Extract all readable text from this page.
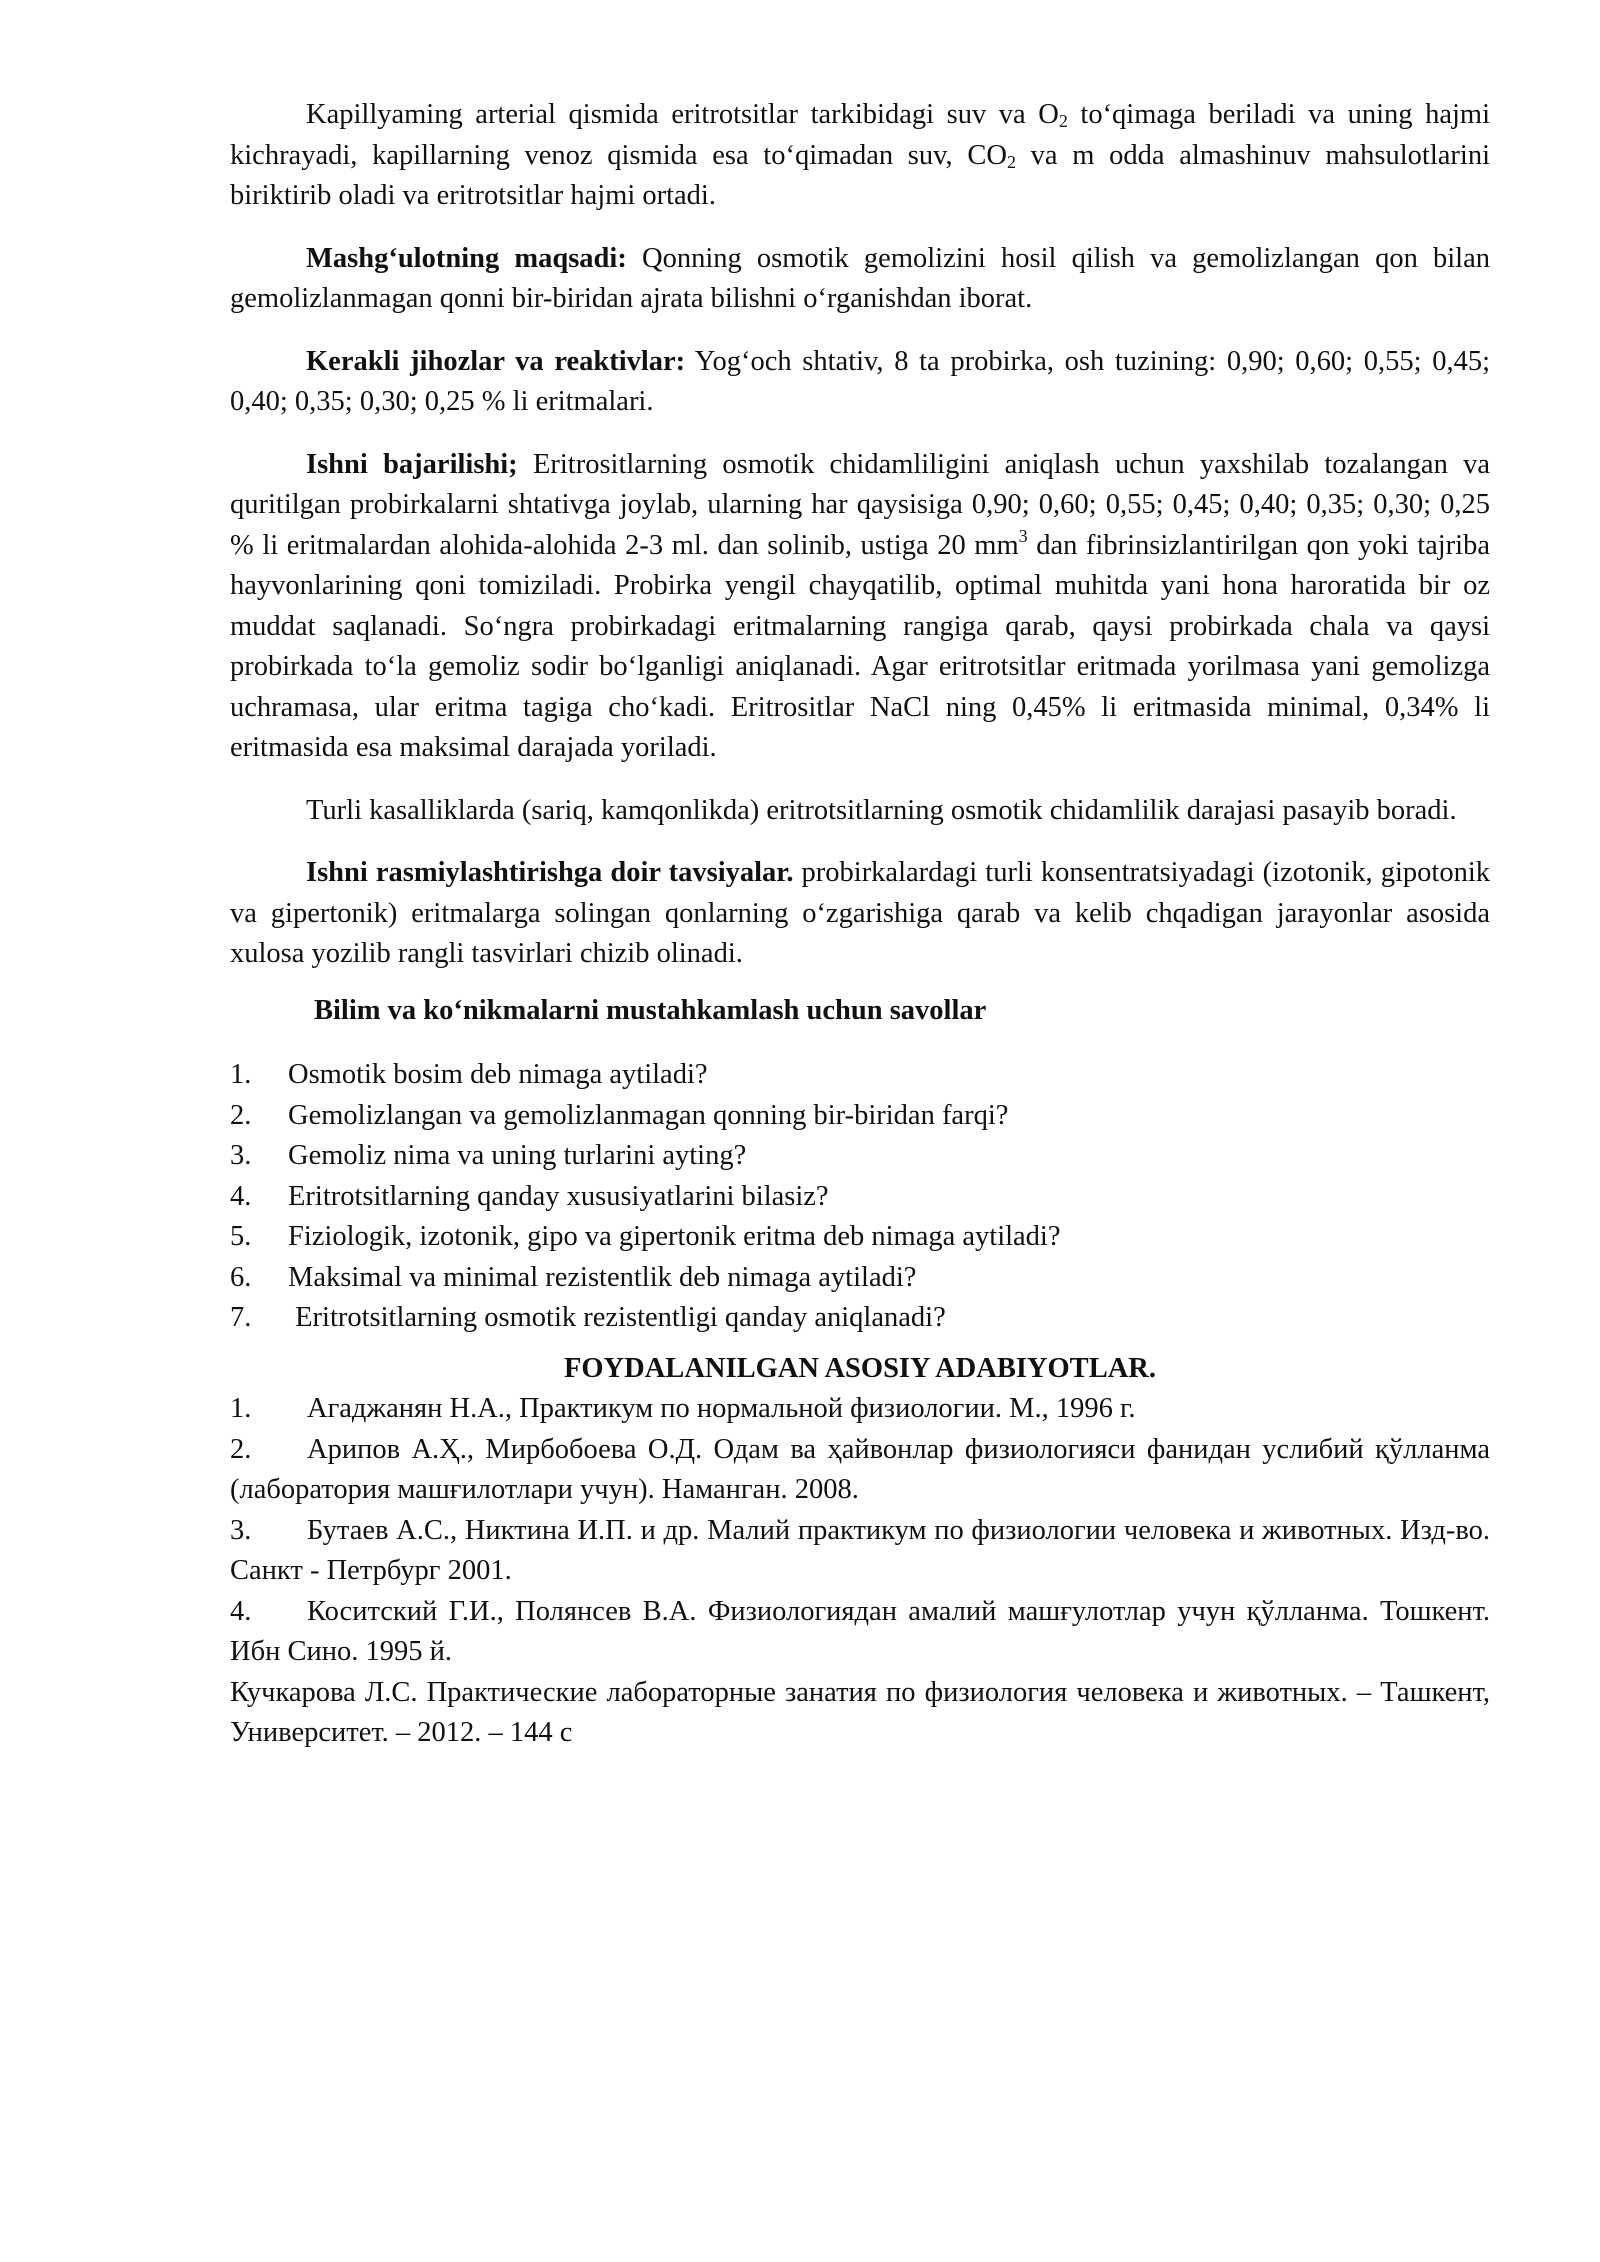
Kapillyaming arterial qismida eritrotsitlar tarkibidagi suv va $O_2$ to‘qimaga beriladi va uning hajmi kichrayadi, kapillarning venoz qismida esa to‘qimadan suv, $CO_2$ va m odda almashinuv mahsulotlarini biriktirib oladi va eritrotsitlar hajmi ortadi.

Mashg‘ulotning maqsadi: Qonning osmotik gemolizini hosil qilish va gemolizlangan qon bilan gemolizlanmagan qonni bir-biridan ajrata bilishni o‘rganishdan iborat.

Kerakli jihozlar va reaktivlar: Yog‘och shtativ, 8 ta probirka, osh tuzining: 0,90; 0,60; 0,55; 0,45; 0,40; 0,35; 0,30; 0,25 % li eritmalari.

Ishni bajarilishi; Eritrositlarning osmotik chidamliligini aniqlash uchun yaxshilab tozalangan va quritilgan probirkalarni shtativga joylab, ularning har qaysisiga 0,90; 0,60; 0,55; 0,45; 0,40; 0,35; 0,30; 0,25 % li eritmalardan alohida-alohida 2-3 ml. dan solinib, ustiga 20 $mm^3$ dan fibrinsizlantirilgan qon yoki tajriba hayvonlarining qoni tomiziladi. Probirka yengil chayqatilib, optimal muhitda yani hona haroratida bir oz muddat saqlanadi. So‘ngra probirkadagi eritmalarning rangiga qarab, qaysi probirkada chala va qaysi probirkada to‘la gemoliz sodir bo‘lganligi aniqlanadi. Agar eritrotsitlar eritmada yorilmasa yani gemolizga uchramasa, ular eritma tagiga cho‘kadi. Eritrositlar NaCl ning 0,45% li eritmasida minimal, 0,34% li eritmasida esa maksimal darajada yoriladi.

Turli kasalliklarda (sariq, kamqonlikda) eritrotsitlarning osmotik chidamlilik darajasi pasayib boradi.

Ishni rasmiylashtirishga doir tavsiyalar. probirkalardagi turli konsentratsiyadagi (izotonik, gipotonik va gipertonik) eritmalarga solingan qonlarning o‘zgarishiga qarab va kelib chqadigan jarayonlar asosida xulosa yozilib rangli tasvirlari chizib olinadi.

Bilim va ko‘nikmalarni mustahkamlash uchun savollar

1.	Osmotik bosim deb nimaga aytiladi?
2.	Gemolizlangan va gemolizlanmagan qonning bir-biridan farqi?
3.	Gemoliz nima va uning turlarini ayting?
4.	Eritrotsitlarning qanday xususiyatlarini bilasiz?
5.	Fiziologik, izotonik, gipo va gipertonik eritma deb nimaga aytiladi?
6.	Maksimal va minimal rezistentlik deb nimaga aytiladi?
7.	Eritrotsitlarning osmotik rezistentligi qanday aniqlanadi?

FOYDALANILGAN ASOSIY ADABIYOTLAR.

1. Агаджанян Н.А., Практикум по нормальной физиологии. М., 1996 г.

2. Арипов А.Ҳ., Мирбобоева О.Д. Одам ва ҳайвонлар физиологияси фанидан услибий қўлланма (лаборатория машғилотлари учун). Наманган. 2008.

3. Бутаев А.С., Никтина И.П. и др. Малий практикум по физиологии человека и животных. Изд-во. Санкт - Петрбург 2001.

4. Коситский Г.И., Полянсев В.А. Физиологиядан амалий машғулотлар учун қўлланма. Тошкент. Ибн Сино. 1995 й.

Кучкарова Л.С. Практические лабораторные занатия по физиология человека и животных. – Ташкент, Университет. – 2012. – 144 с
